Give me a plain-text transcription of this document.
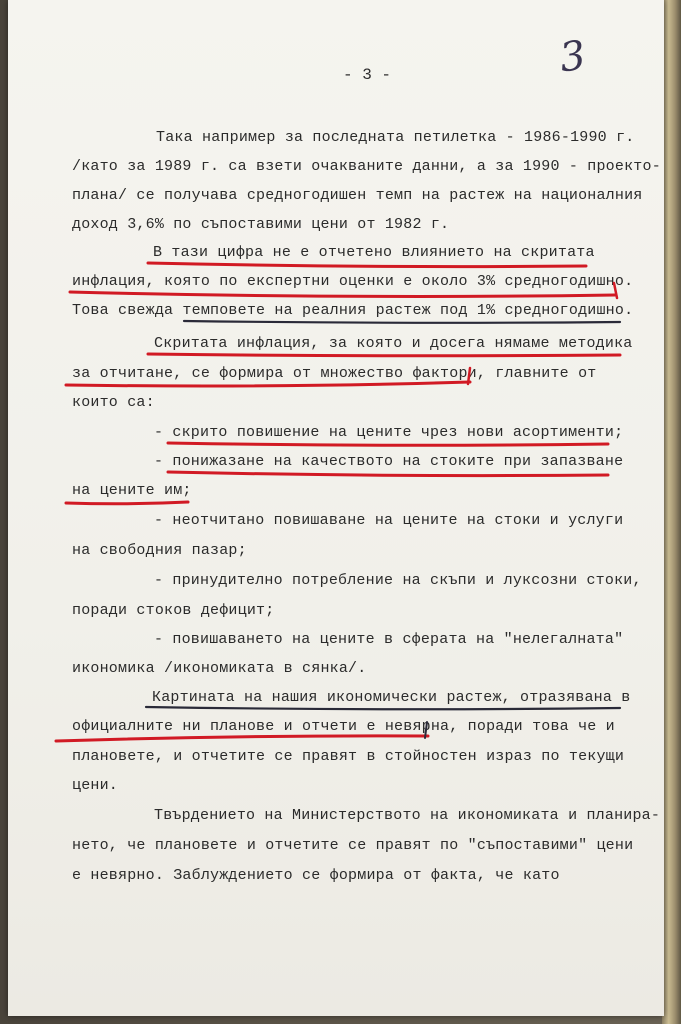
3
- 3 -
Така например за последната петилетка - 1986-1990 г.
/като за 1989 г. са взети очакваните данни, а за 1990 - проекто-
плана/ се получава средногодишен темп на растеж на националния
доход 3,6% по съпоставими цени от 1982 г.
В тази цифра не е отчетено влиянието на скритата
инфлация, която по експертни оценки е около 3% средногодишно.
Това свежда темповете на реалния растеж под 1% средногодишно.
Скритата инфлация, за която и досега нямаме методика
за отчитане, се формира от множество фактори, главните от
които са:
- скрито повишение на цените чрез нови асортименти;
- понижазане на качеството на стоките при запазване
на цените им;
- неотчитано повишаване на цените на стоки и услуги
на свободния пазар;
- принудително потребление на скъпи и луксозни стоки,
поради стоков дефицит;
- повишаването на цените в сферата на "нелегалната"
икономика /икономиката в сянка/.
Картината на нашия икономически растеж, отразявана в
официалните ни планове и отчети е невярна, поради това че и
плановете, и отчетите се правят в стойностен израз по текущи
цени.
Твърдението на Министерството на икономиката и планира-
нето, че плановете и отчетите се правят по "съпоставими" цени
е невярно. Заблуждението се формира от факта, че като
